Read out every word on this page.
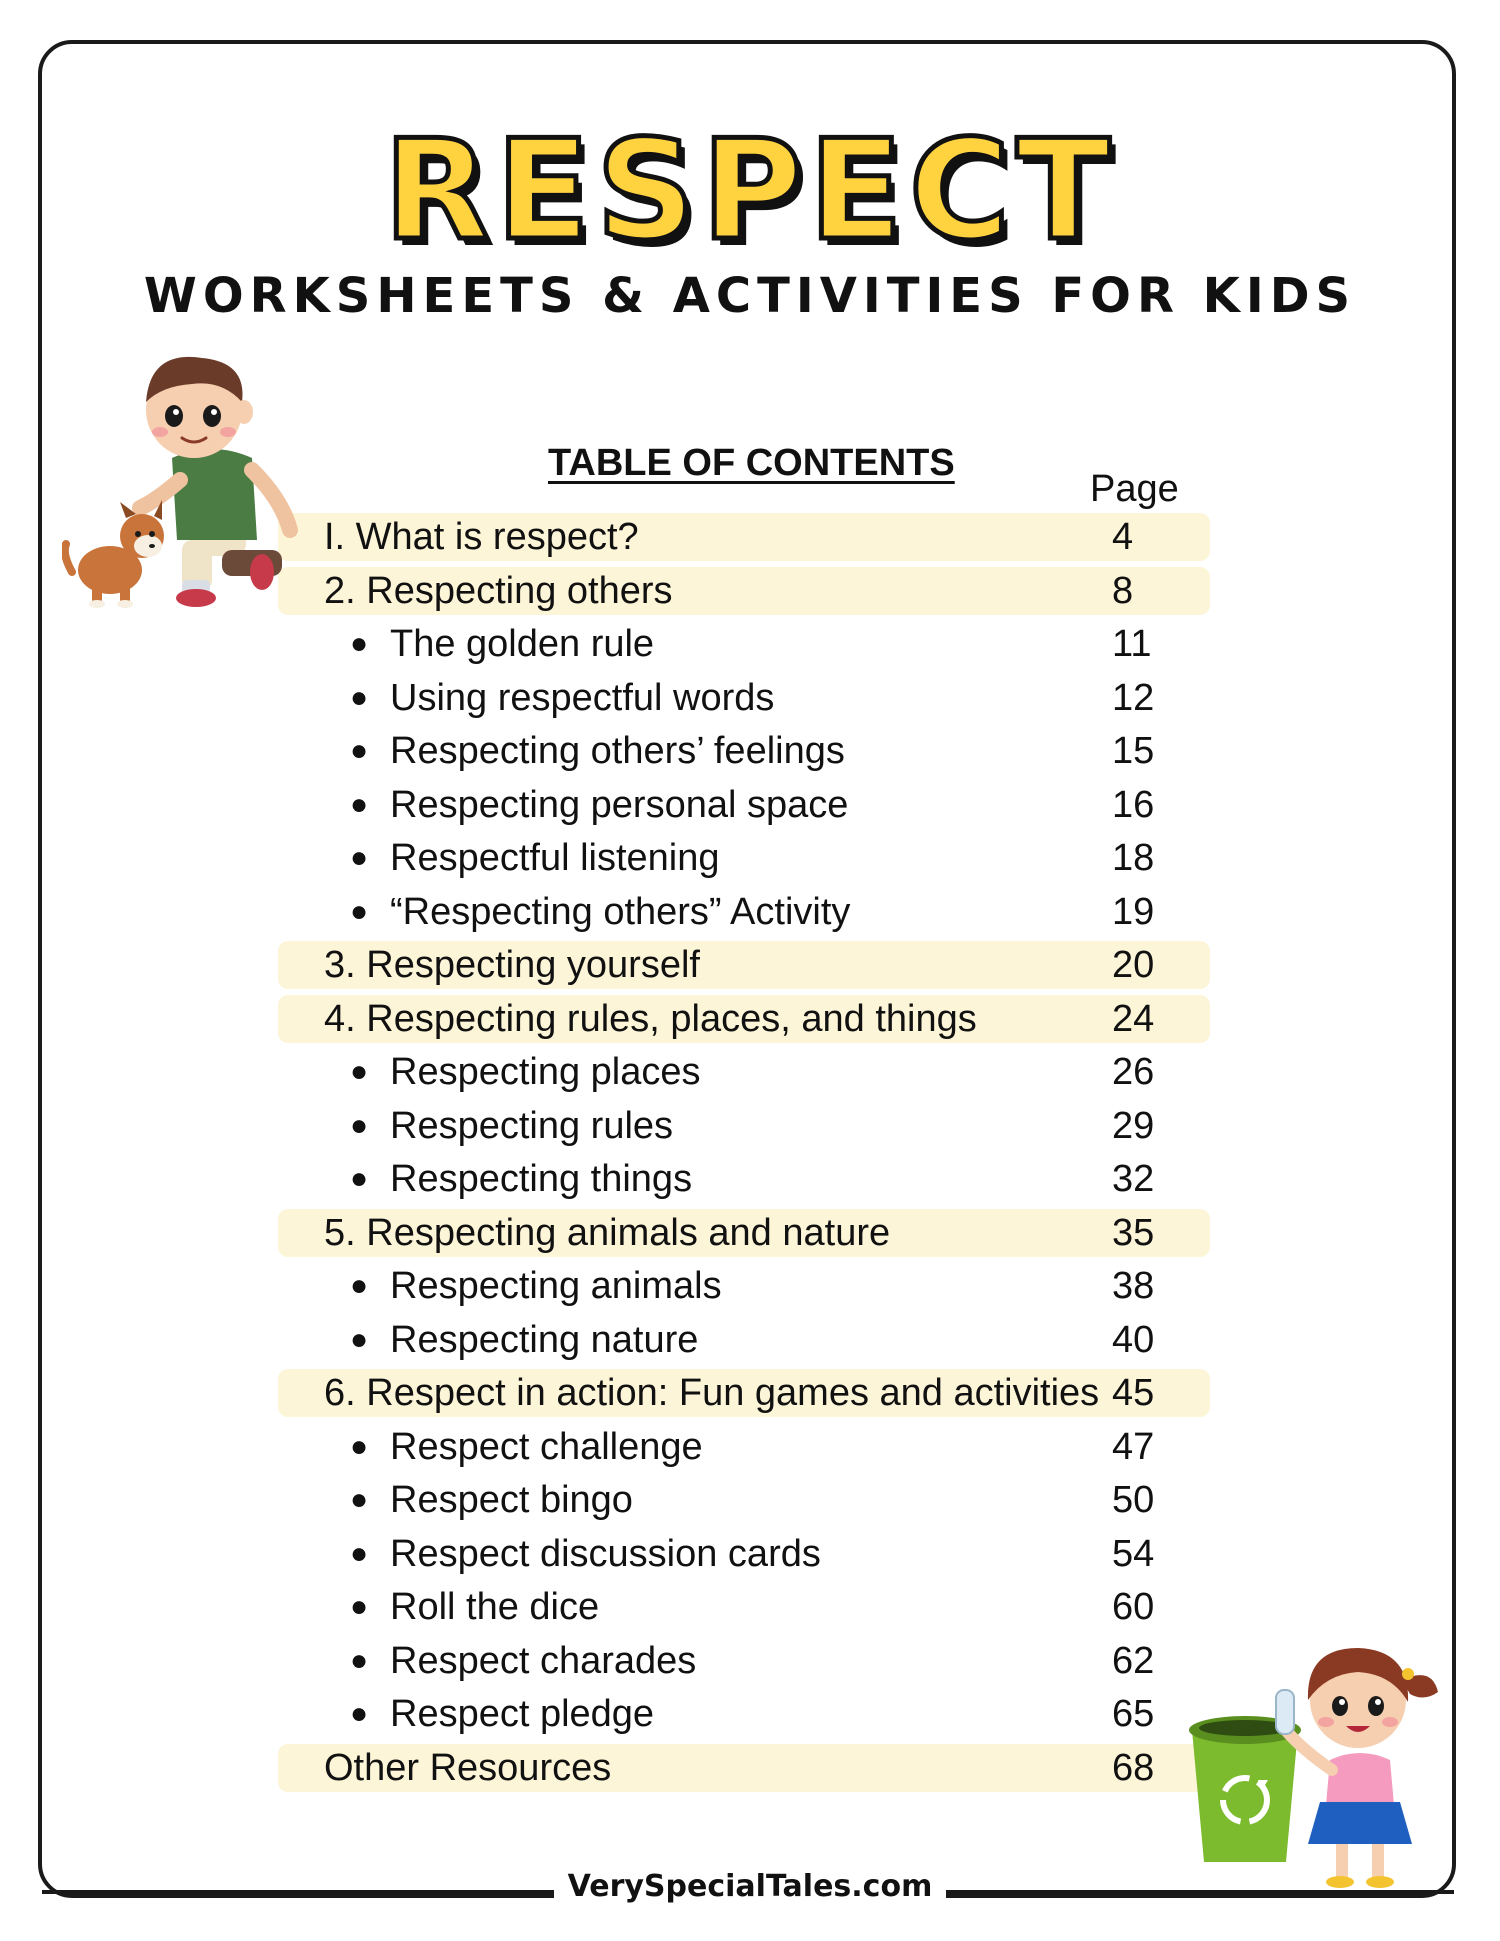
RESPECT
WORKSHEETS & ACTIVITIES FOR KIDS
TABLE OF CONTENTS
Page
I. What is respect?	4
2. Respecting others	8
● The golden rule	11
● Using respectful words	12
● Respecting others’ feelings	15
● Respecting personal space	16
● Respectful listening	18
● “Respecting others” Activity	19
3. Respecting yourself	20
4. Respecting rules, places, and things	24
● Respecting places	26
● Respecting rules	29
● Respecting things	32
5. Respecting animals and nature	35
● Respecting animals	38
● Respecting nature	40
6. Respect in action: Fun games and activities 45
● Respect challenge	47
● Respect bingo	50
● Respect discussion cards	54
● Roll the dice	60
● Respect charades	62
● Respect pledge	65
Other Resources	68
VerySpecialTales.com
